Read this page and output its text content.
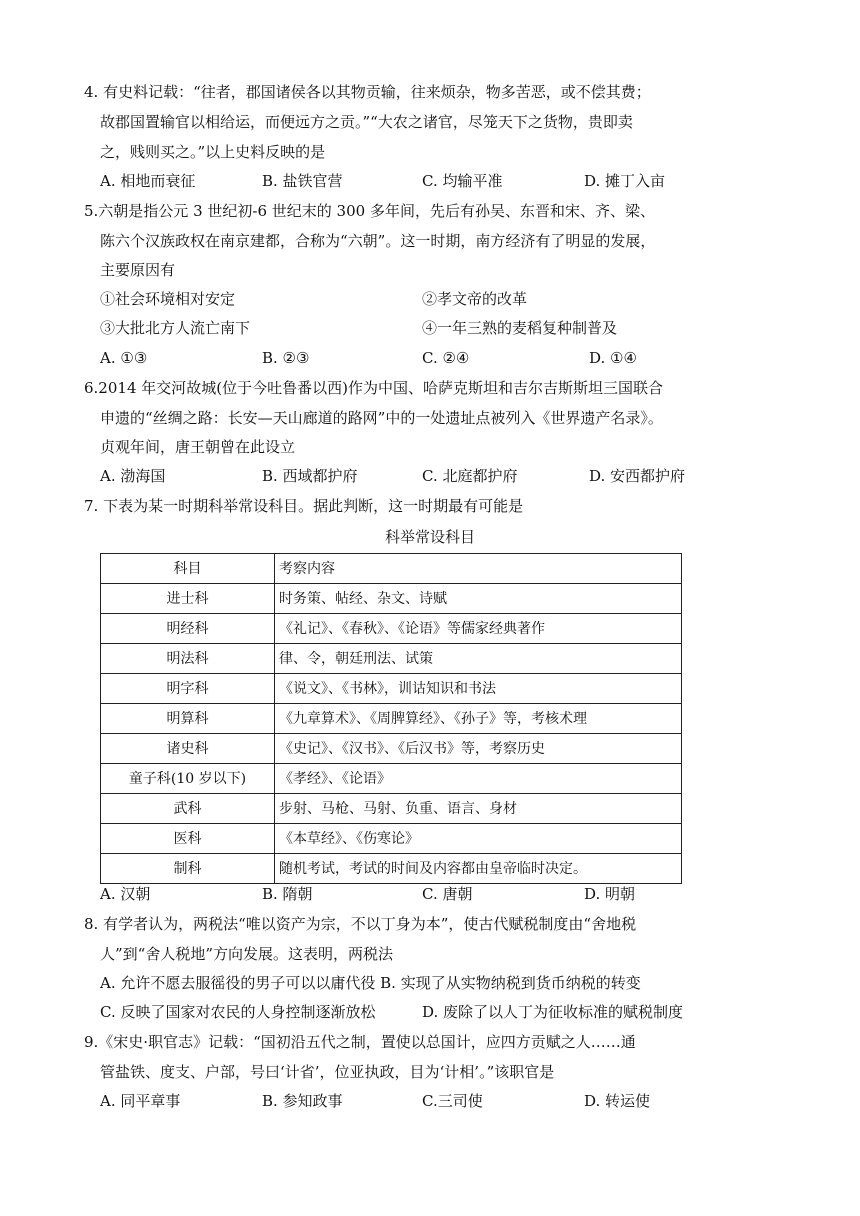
4. 有史料记载：“往者，郡国诸侯各以其物贡输，往来烦杂，物多苦恶，或不偿其费；
故郡国置输官以相给运，而便远方之贡。”“大农之诸官，尽笼天下之货物，贵即卖
之，贱则买之。”以上史料反映的是
A. 相地而衰征	B. 盐铁官营	C. 均输平准	D. 摊丁入亩
5.六朝是指公元 3 世纪初-6 世纪末的 300 多年间，先后有孙吴、东晋和宋、齐、梁、
陈六个汉族政权在南京建都，合称为“六朝”。这一时期，南方经济有了明显的发展，
主要原因有
①社会环境相对安定	②孝文帝的改革
③大批北方人流亡南下	④一年三熟的麦稻复种制普及
A. ①③	B. ②③	C. ②④	D. ①④
6.2014 年交河故城(位于今吐鲁番以西)作为中国、哈萨克斯坦和吉尔吉斯斯坦三国联合
申遗的“丝绸之路：长安—天山廊道的路网”中的一处遗址点被列入《世界遗产名录》。
贞观年间，唐王朝曾在此设立
A. 渤海国	B. 西域都护府	C. 北庭都护府	D. 安西都护府
7. 下表为某一时期科举常设科目。据此判断，这一时期最有可能是
科举常设科目
科目	考察内容
进士科	时务策、帖经、杂文、诗赋
明经科	《礼记》、《春秋》、《论语》等儒家经典著作
明法科	律、令，朝廷刑法、试策
明字科	《说文》、《书林》，训诂知识和书法
明算科	《九章算术》、《周脾算经》、《孙子》等，考核术理
诸史科	《史记》、《汉书》、《后汉书》等，考察历史
童子科(10 岁以下)	《孝经》、《论语》
武科	步射、马枪、马射、负重、语言、身材
医科	《本草经》、《伤寒论》
制科	随机考试，考试的时间及内容都由皇帝临时决定。
A. 汉朝	B. 隋朝	C. 唐朝	D. 明朝
8. 有学者认为，两税法“唯以资产为宗，不以丁身为本”，使古代赋税制度由“舍地税
人”到“舍人税地”方向发展。这表明，两税法
A. 允许不愿去服徭役的男子可以以庸代役 B. 实现了从实物纳税到货币纳税的转变
C. 反映了国家对农民的人身控制逐渐放松	D. 废除了以人丁为征收标准的赋税制度
9.《宋史·职官志》记载：“国初沿五代之制，置使以总国计，应四方贡赋之人……通
管盐铁、度支、户部，号曰‘计省’，位亚执政，目为‘计相’。”该职官是
A. 同平章事	B. 参知政事	C.三司使	D. 转运使
